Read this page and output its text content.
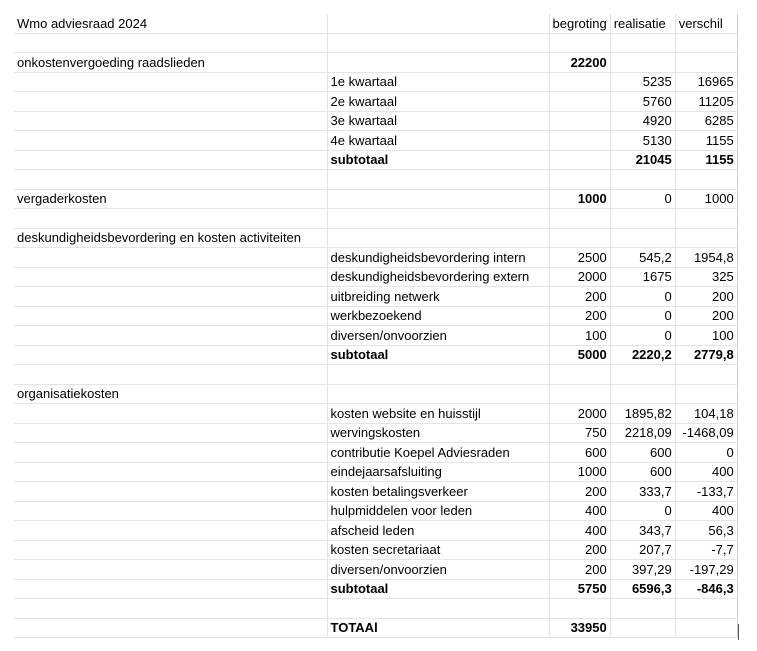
Wmo adviesraad 2024		begroting	realisatie	verschil

onkostenvergoeding raadslieden		22200		
	1e kwartaal		5235	16965
	2e kwartaal		5760	11205
	3e kwartaal		4920	6285
	4e kwartaal		5130	1155
	subtotaal		21045	1155

vergaderkosten		1000	0	1000

deskundigheidsbevordering en kosten activiteiten				
	deskundigheidsbevordering intern	2500	545,2	1954,8
	deskundigheidsbevordering extern	2000	1675	325
	uitbreiding netwerk	200	0	200
	werkbezoekend	200	0	200
	diversen/onvoorzien	100	0	100
	subtotaal	5000	2220,2	2779,8

organisatiekosten				
	kosten website en huisstijl	2000	1895,82	104,18
	wervingskosten	750	2218,09	-1468,09
	contributie Koepel Adviesraden	600	600	0
	eindejaarsafsluiting	1000	600	400
	kosten betalingsverkeer	200	333,7	-133,7
	hulpmiddelen voor leden	400	0	400
	afscheid leden	400	343,7	56,3
	kosten secretariaat	200	207,7	-7,7
	diversen/onvoorzien	200	397,29	-197,29
	subtotaal	5750	6596,3	-846,3

	TOTAAl	33950		
